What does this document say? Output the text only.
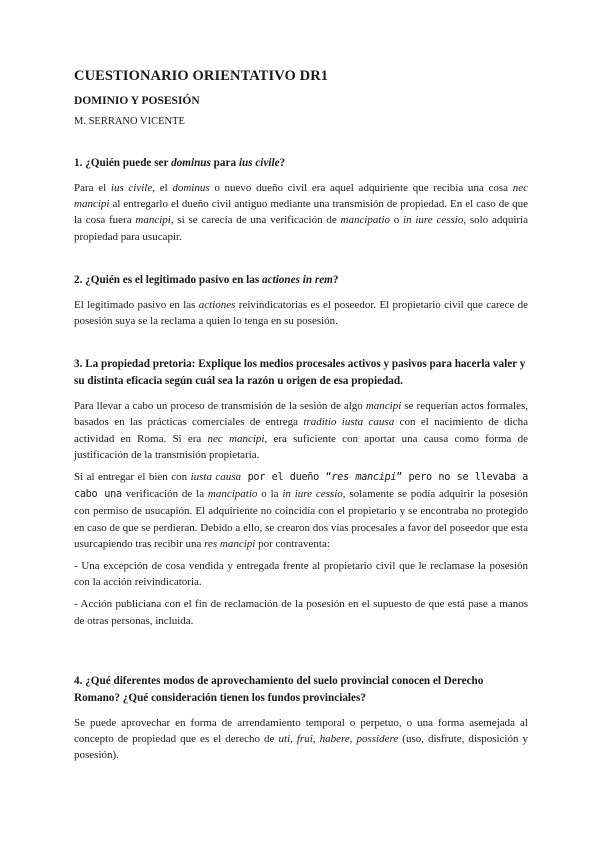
CUESTIONARIO ORIENTATIVO DR1
DOMINIO Y POSESIÓN
M. SERRANO VICENTE
1. ¿Quién puede ser dominus para ius civile?
Para el ius civile, el dominus o nuevo dueño civil era aquel adquiriente que recibía una cosa nec mancipi al entregarlo el dueño civil antiguo mediante una transmisión de propiedad. En el caso de que la cosa fuera mancipi, si se carecía de una verificación de mancipatio o in iure cessio, solo adquiría propiedad para usucapir.
2. ¿Quién es el legitimado pasivo en las actiones in rem?
El legitimado pasivo en las actiones reivindicatorias es el poseedor. El propietario civil que carece de posesión suya se la reclama a quien lo tenga en su posesión.
3. La propiedad pretoria: Explique los medios procesales activos y pasivos para hacerla valer y su distinta eficacia según cuál sea la razón u origen de esa propiedad.
Para llevar a cabo un proceso de transmisión de la sesión de algo mancipi se requerían actos formales, basados en las prácticas comerciales de entrega traditio iusta causa con el nacimiento de dicha actividad en Roma. Si era nec mancipi, era suficiente con aportar una causa como forma de justificación de la transmisión propietaria.
Si al entregar el bien con iusta causa por el dueño “res mancipi” pero no se llevaba a cabo una verificación de la mancipatio o la in iure cessio, solamente se podía adquirir la posesión con permiso de usucapión. El adquiriente no coincidía con el propietario y se encontraba no protegido en caso de que se perdieran. Debido a ello, se crearon dos vías procesales a favor del poseedor que esta usurcapiendo tras recibir una res mancipi por contraventa:
- Una excepción de cosa vendida y entregada frente al propietario civil que le reclamase la posesión con la acción reivindicatoria.
- Acción publiciana con el fin de reclamación de la posesión en el supuesto de que está pase a manos de otras personas, incluida.
4. ¿Qué diferentes modos de aprovechamiento del suelo provincial conocen el Derecho Romano? ¿Qué consideración tienen los fundos provinciales?
Se puede aprovechar en forma de arrendamiento temporal o perpetuo, o una forma asemejada al concepto de propiedad que es el derecho de uti, frui, habere, possidere (uso, disfrute, disposición y posesión).
